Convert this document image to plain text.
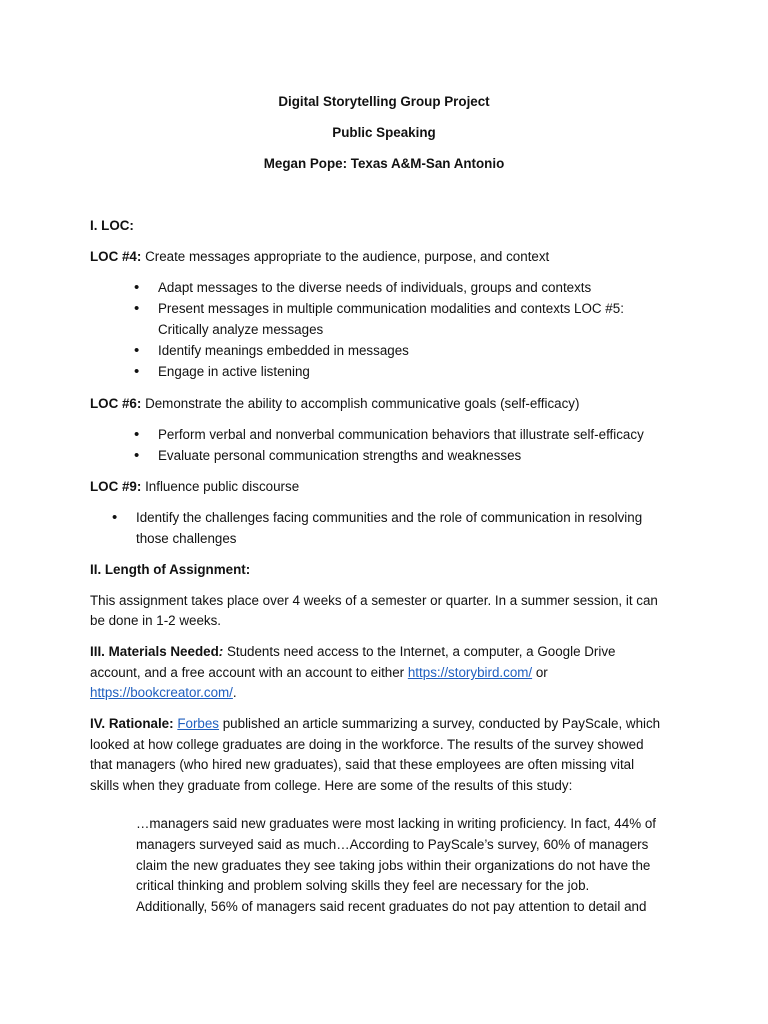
Digital Storytelling Group Project
Public Speaking
Megan Pope: Texas A&M-San Antonio
I. LOC:
LOC #4: Create messages appropriate to the audience, purpose, and context
• Adapt messages to the diverse needs of individuals, groups and contexts
• Present messages in multiple communication modalities and contexts LOC #5:
Critically analyze messages
• Іdentify meanings embedded in messages
• Engage in active listening
LOC #6: Demonstrate the ability to accomplish communicative goals (self-efficacy)
• Perform verbal and nonverbal communication behaviors that illustrate self-efficacy
• Evaluate personal communication strengths and weaknesses
LOC #9: Influence public discourse
• Identify the challenges facing communities and the role of communication in resolving
those challenges
II. Length of Assignment:
This assignment takes place over 4 weeks of a semester or quarter. In a summer session, it can
be done in 1-2 weeks.
III. Materials Needed: Students need access to the Internet, a computer, a Google Drive
account, and a free account with an account to either https://storybird.com/ or
https://bookcreator.com/.
IV. Rationale: Forbes published an article summarizing a survey, conducted by PayScale, which
looked at how college graduates are doing in the workforce. The results of the survey showed
that managers (who hired new graduates), said that these employees are often missing vital
skills when they graduate from college. Here are some of the results of this study:
…managers said new graduates were most lacking in writing proficiency. In fact, 44% of
managers surveyed said as much…According to PayScale’s survey, 60% of managers
claim the new graduates they see taking jobs within their organizations do not have the
critical thinking and problem solving skills they feel are necessary for the job.
Additionally, 56% of managers said recent graduates do not pay attention to detail and
